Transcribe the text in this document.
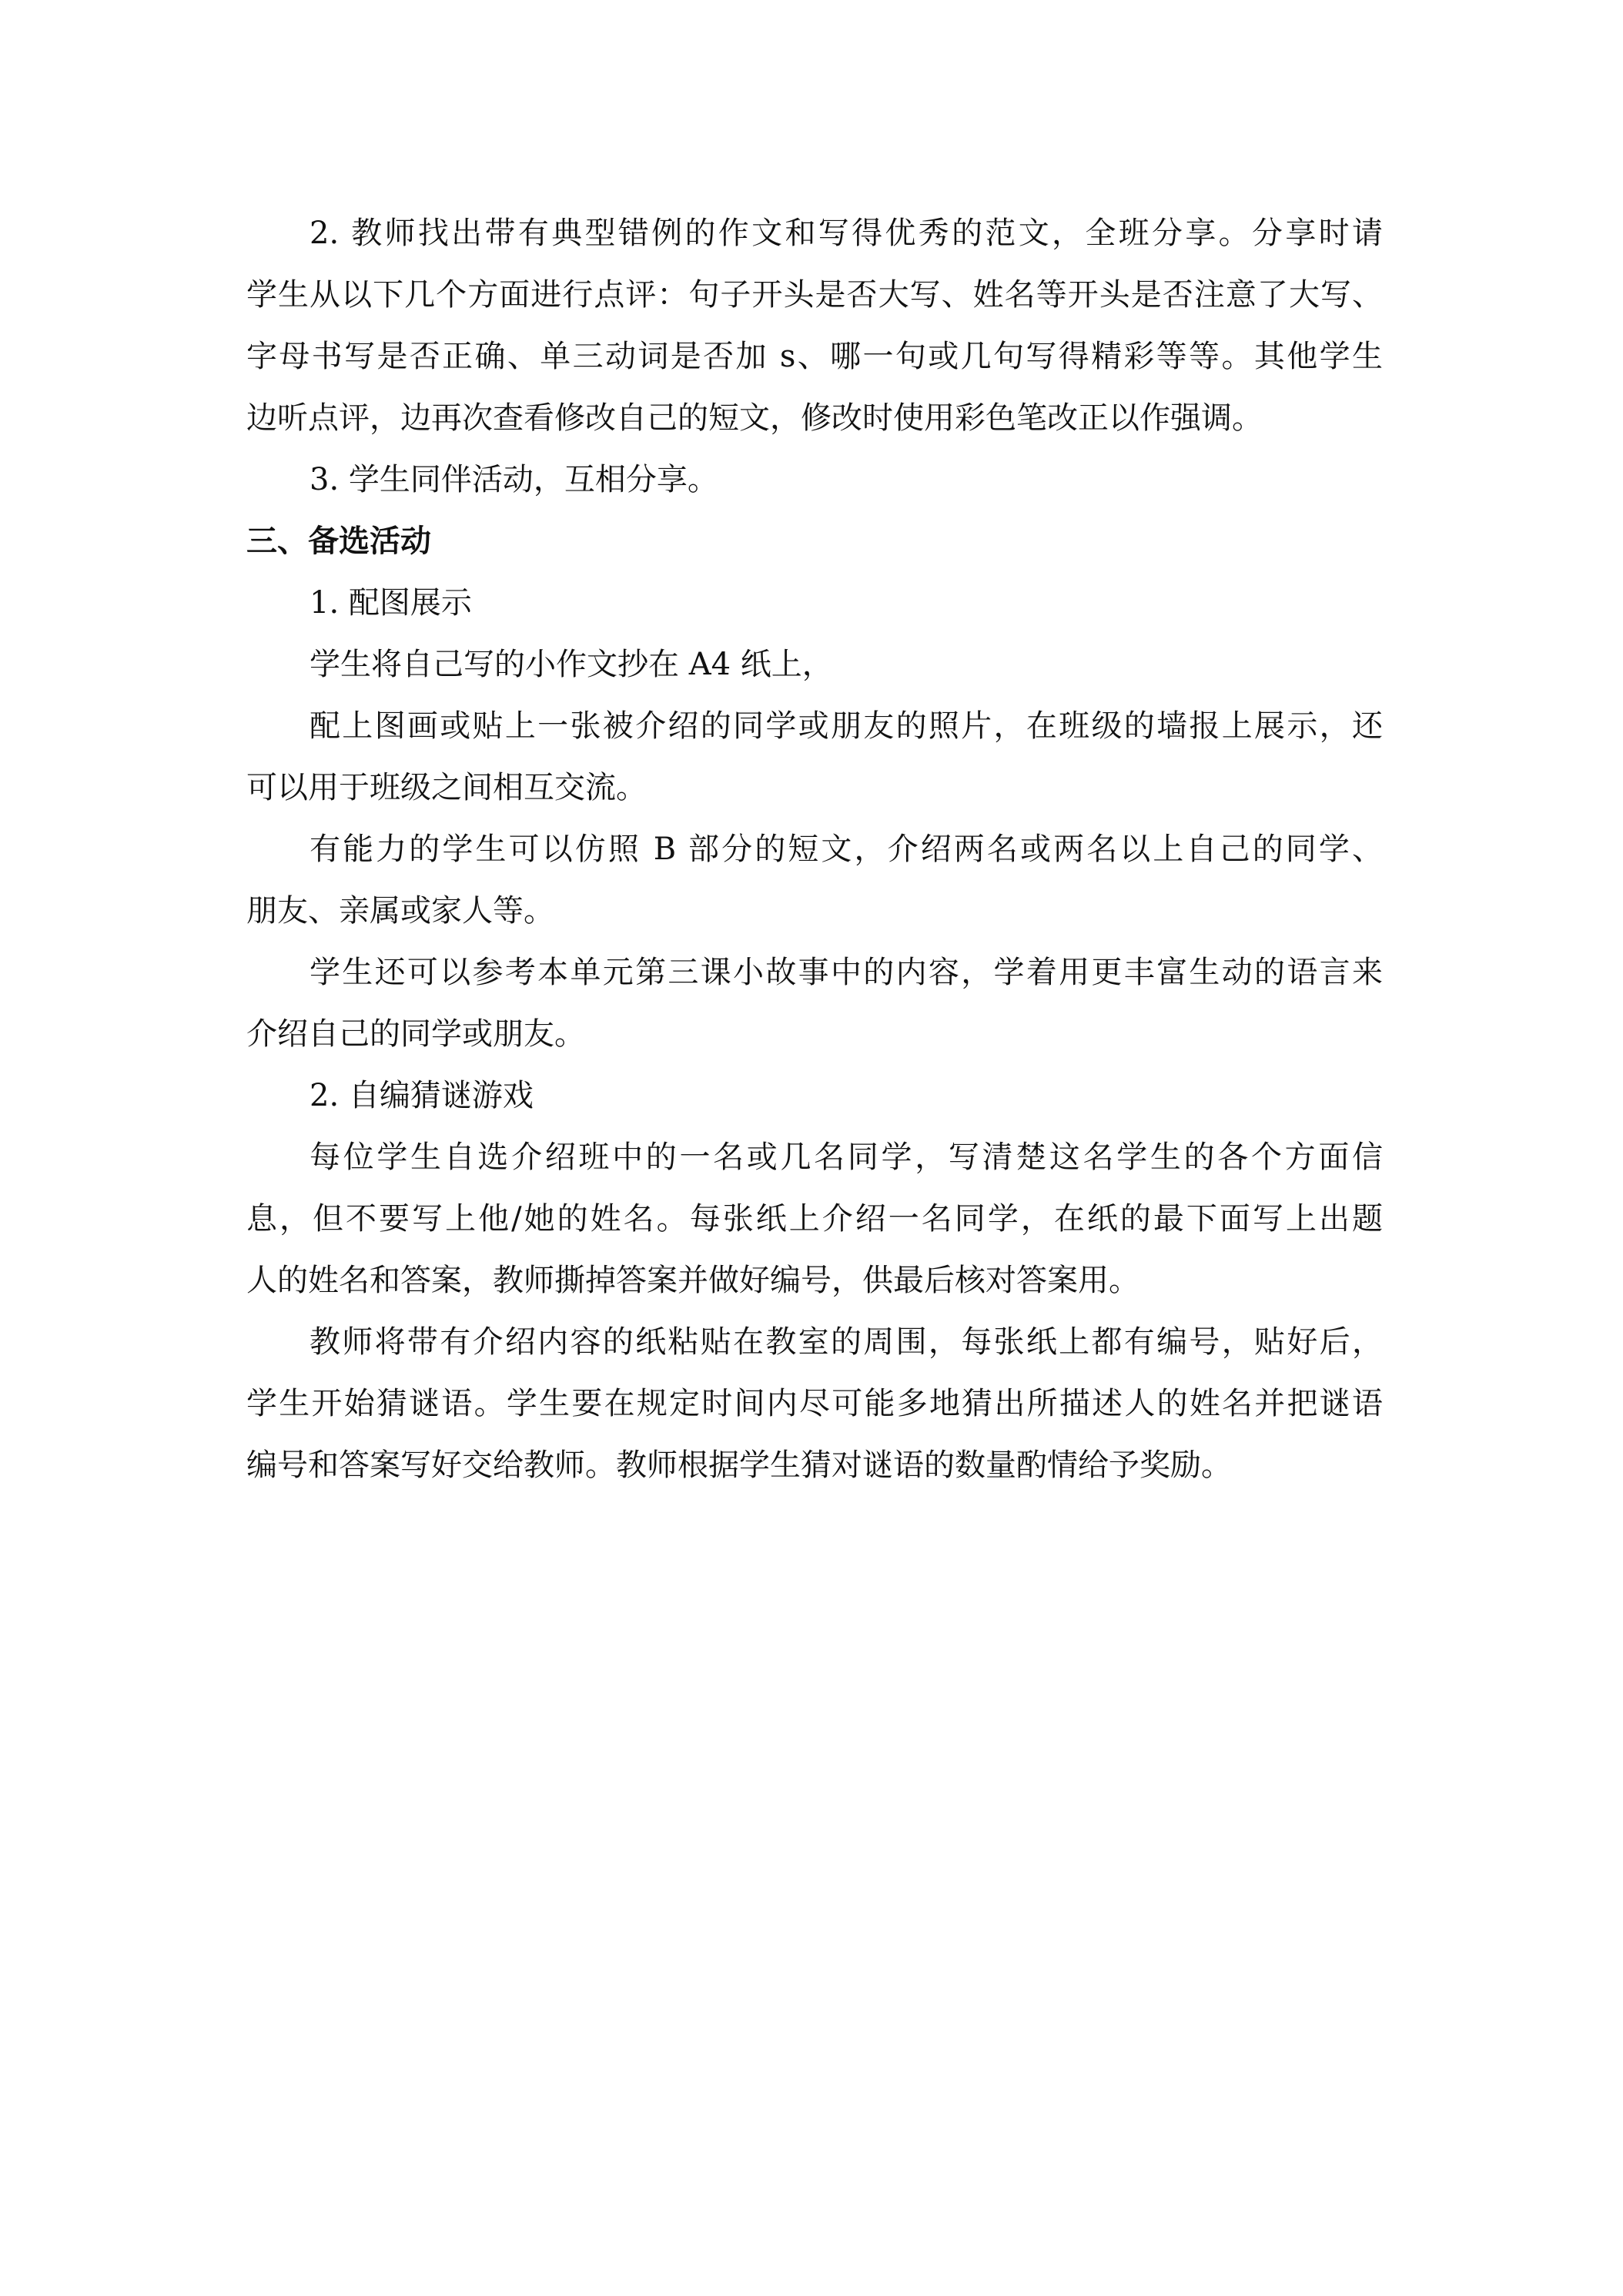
2. 教师找出带有典型错例的作文和写得优秀的范文，全班分享。分享时请
学生从以下几个方面进行点评：句子开头是否大写、姓名等开头是否注意了大写、
字母书写是否正确、单三动词是否加 s、哪一句或几句写得精彩等等。其他学生
边听点评，边再次查看修改自己的短文，修改时使用彩色笔改正以作强调。
3. 学生同伴活动，互相分享。
三、备选活动
1. 配图展示
学生将自己写的小作文抄在 A4 纸上，
配上图画或贴上一张被介绍的同学或朋友的照片，在班级的墙报上展示，还
可以用于班级之间相互交流。
有能力的学生可以仿照 B 部分的短文，介绍两名或两名以上自己的同学、
朋友、亲属或家人等。
学生还可以参考本单元第三课小故事中的内容，学着用更丰富生动的语言来
介绍自己的同学或朋友。
2. 自编猜谜游戏
每位学生自选介绍班中的一名或几名同学，写清楚这名学生的各个方面信
息，但不要写上他/她的姓名。每张纸上介绍一名同学，在纸的最下面写上出题
人的姓名和答案，教师撕掉答案并做好编号，供最后核对答案用。
教师将带有介绍内容的纸粘贴在教室的周围，每张纸上都有编号，贴好后，
学生开始猜谜语。学生要在规定时间内尽可能多地猜出所描述人的姓名并把谜语
编号和答案写好交给教师。教师根据学生猜对谜语的数量酌情给予奖励。
